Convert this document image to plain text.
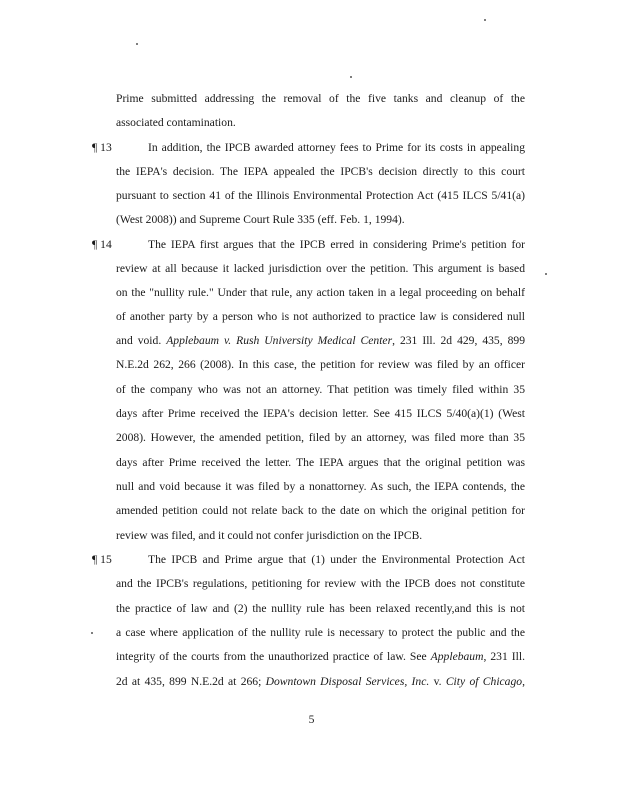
Prime submitted addressing the removal of the five tanks and cleanup of the
associated contamination.
¶ 13	In addition, the IPCB awarded attorney fees to Prime for its costs in appealing
the IEPA's decision. The IEPA appealed the IPCB's decision directly to this court
pursuant to section 41 of the Illinois Environmental Protection Act (415 ILCS 5/41(a)
(West 2008)) and Supreme Court Rule 335 (eff. Feb. 1, 1994).
¶ 14	The IEPA first argues that the IPCB erred in considering Prime's petition for
review at all because it lacked jurisdiction over the petition. This argument is based
on the "nullity rule." Under that rule, any action taken in a legal proceeding on behalf
of another party by a person who is not authorized to practice law is considered null
and void. Applebaum v. Rush University Medical Center, 231 Ill. 2d 429, 435, 899
N.E.2d 262, 266 (2008). In this case, the petition for review was filed by an officer
of the company who was not an attorney. That petition was timely filed within 35
days after Prime received the IEPA's decision letter. See 415 ILCS 5/40(a)(1) (West
2008). However, the amended petition, filed by an attorney, was filed more than 35
days after Prime received the letter. The IEPA argues that the original petition was
null and void because it was filed by a nonattorney. As such, the IEPA contends, the
amended petition could not relate back to the date on which the original petition for
review was filed, and it could not confer jurisdiction on the IPCB.
¶ 15	The IPCB and Prime argue that (1) under the Environmental Protection Act
and the IPCB's regulations, petitioning for review with the IPCB does not constitute
the practice of law and (2) the nullity rule has been relaxed recently,and this is not
a case where application of the nullity rule is necessary to protect the public and the
integrity of the courts from the unauthorized practice of law. See Applebaum, 231 Ill.
2d at 435, 899 N.E.2d at 266; Downtown Disposal Services, Inc. v. City of Chicago,
5
